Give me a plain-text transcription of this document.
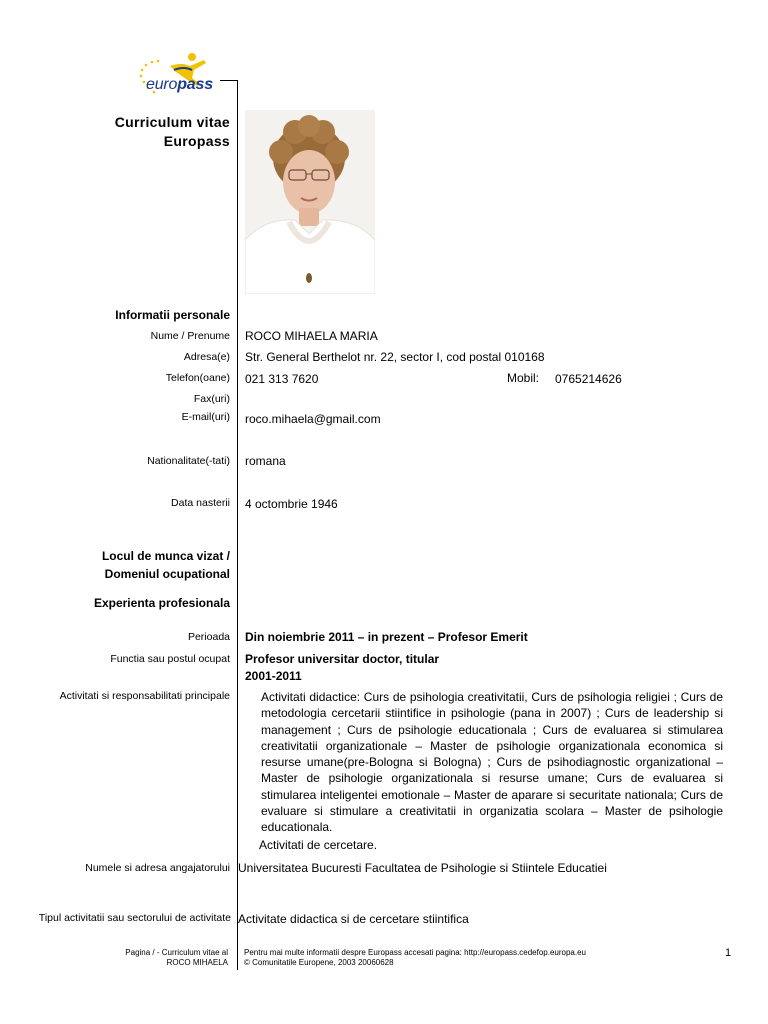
europass
Curriculum vitae
Europass
Informatii personale
Nume / Prenume ROCO MIHAELA MARIA
Adresa(e) Str. General Berthelot nr. 22, sector I, cod postal 010168
Telefon(oane) 021 313 7620	Mobil: 0765214626
Fax(uri)
E-mail(uri) roco.mihaela@gmail.com
Nationalitate(-tati) romana
Data nasterii 4 octombrie 1946
Locul de munca vizat /
Domeniul ocupational
Experienta profesionala
Perioada Din noiembrie 2011 – in prezent – Profesor Emerit
Functia sau postul ocupat Profesor universitar doctor, titular
2001-2011
Activitati si responsabilitati principale	Activitati didactice: Curs de psihologia creativitatii, Curs de psihologia religiei ; Curs de metodologia cercetarii stiintifice in psihologie (pana in 2007) ; Curs de leadership si management ; Curs de psihologie educationala ; Curs de evaluarea si stimularea creativitatii organizationale – Master de psihologie organizationala economica si resurse umane(pre-Bologna si Bologna) ; Curs de psihodiagnostic organizational – Master de psihologie organizationala si resurse umane; Curs de evaluarea si stimularea inteligentei emotionale – Master de aparare si securitate nationala; Curs de evaluare si stimulare a creativitatii in organizatia scolara – Master de psihologie educationala.
Activitati de cercetare.
Numele si adresa angajatorului Universitatea Bucuresti Facultatea de Psihologie si Stiintele Educatiei
Tipul activitatii sau sectorului de activitate Activitate didactica si de cercetare stiintifica
Pagina / - Curriculum vitae al
ROCO MIHAELA
Pentru mai multe informatii despre Europass accesati pagina: http://europass.cedefop.europa.eu
© Comunitatile Europene, 2003 20060628
1
